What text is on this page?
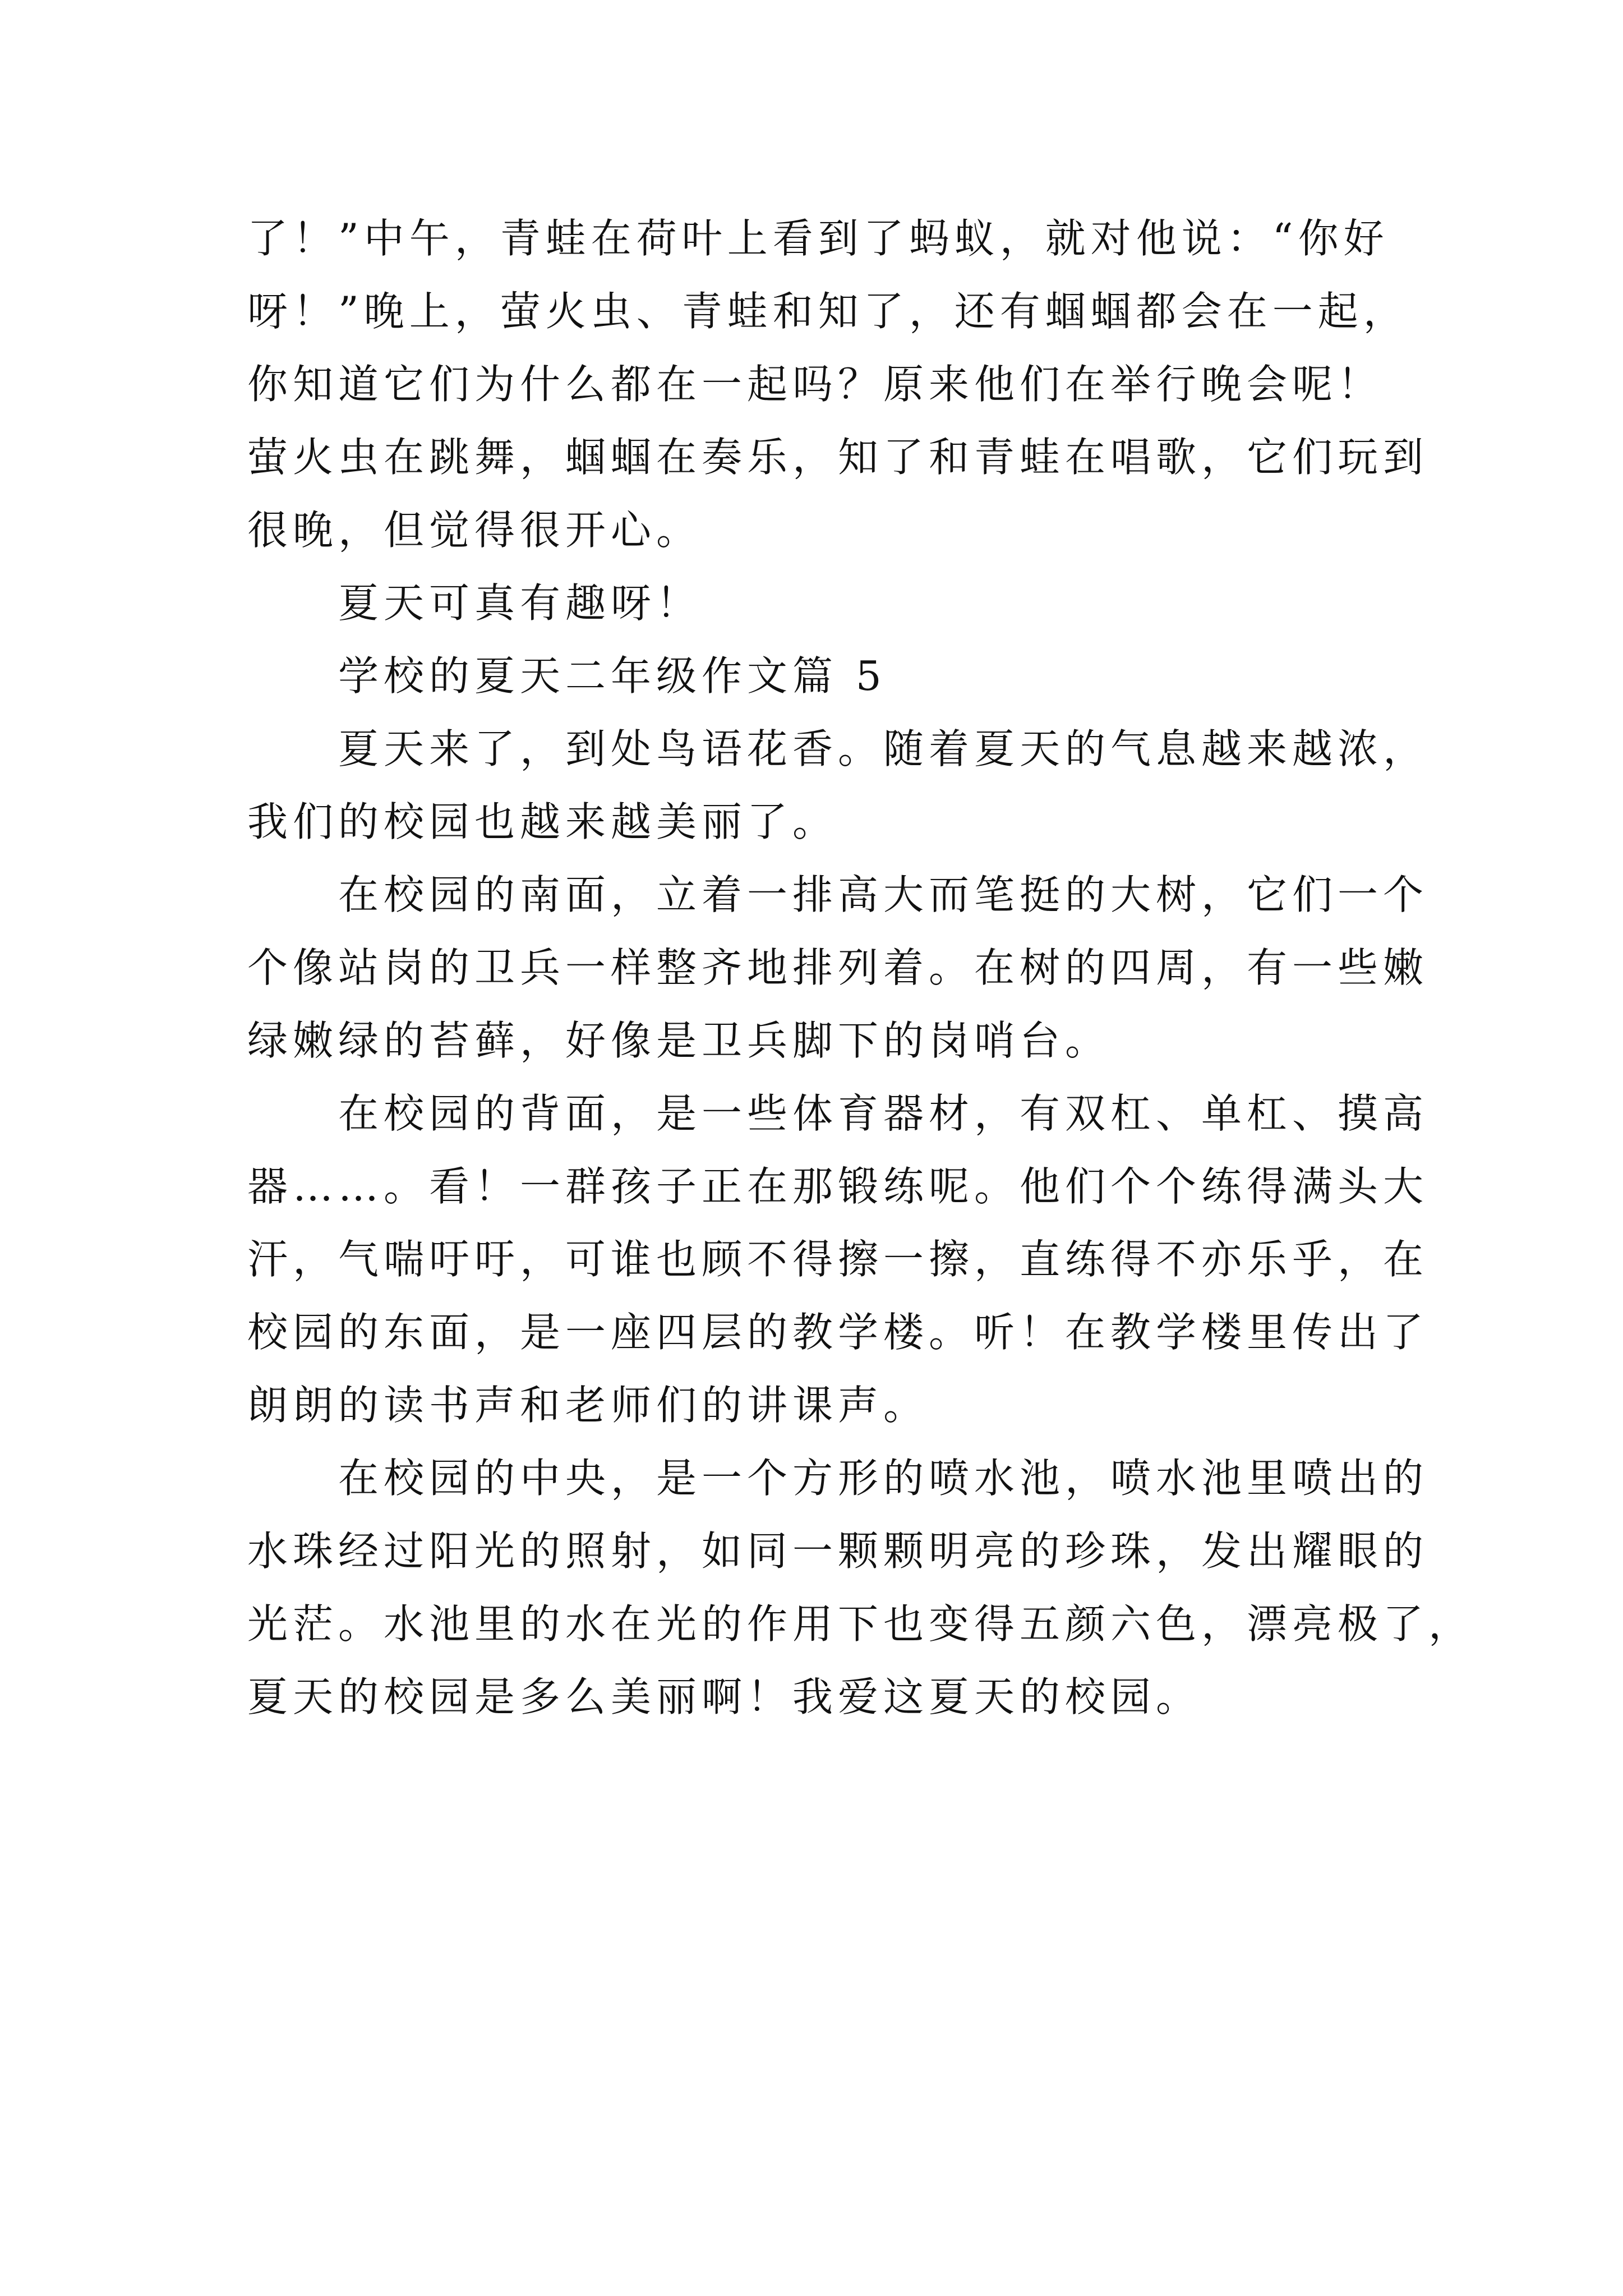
了！”中午，青蛙在荷叶上看到了蚂蚁，就对他说：“你好
呀！”晚上，萤火虫、青蛙和知了，还有蝈蝈都会在一起，
你知道它们为什么都在一起吗？原来他们在举行晚会呢！
萤火虫在跳舞，蝈蝈在奏乐，知了和青蛙在唱歌，它们玩到
很晚，但觉得很开心。
夏天可真有趣呀！
学校的夏天二年级作文篇 5
夏天来了，到处鸟语花香。随着夏天的气息越来越浓，
我们的校园也越来越美丽了。
在校园的南面，立着一排高大而笔挺的大树，它们一个
个像站岗的卫兵一样整齐地排列着。在树的四周，有一些嫩
绿嫩绿的苔藓，好像是卫兵脚下的岗哨台。
在校园的背面，是一些体育器材，有双杠、单杠、摸高
器……。看！一群孩子正在那锻练呢。他们个个练得满头大
汗，气喘吁吁，可谁也顾不得擦一擦，直练得不亦乐乎，在
校园的东面，是一座四层的教学楼。听！在教学楼里传出了
朗朗的读书声和老师们的讲课声。
在校园的中央，是一个方形的喷水池，喷水池里喷出的
水珠经过阳光的照射，如同一颗颗明亮的珍珠，发出耀眼的
光茫。水池里的水在光的作用下也变得五颜六色，漂亮极了，
夏天的校园是多么美丽啊！我爱这夏天的校园。
